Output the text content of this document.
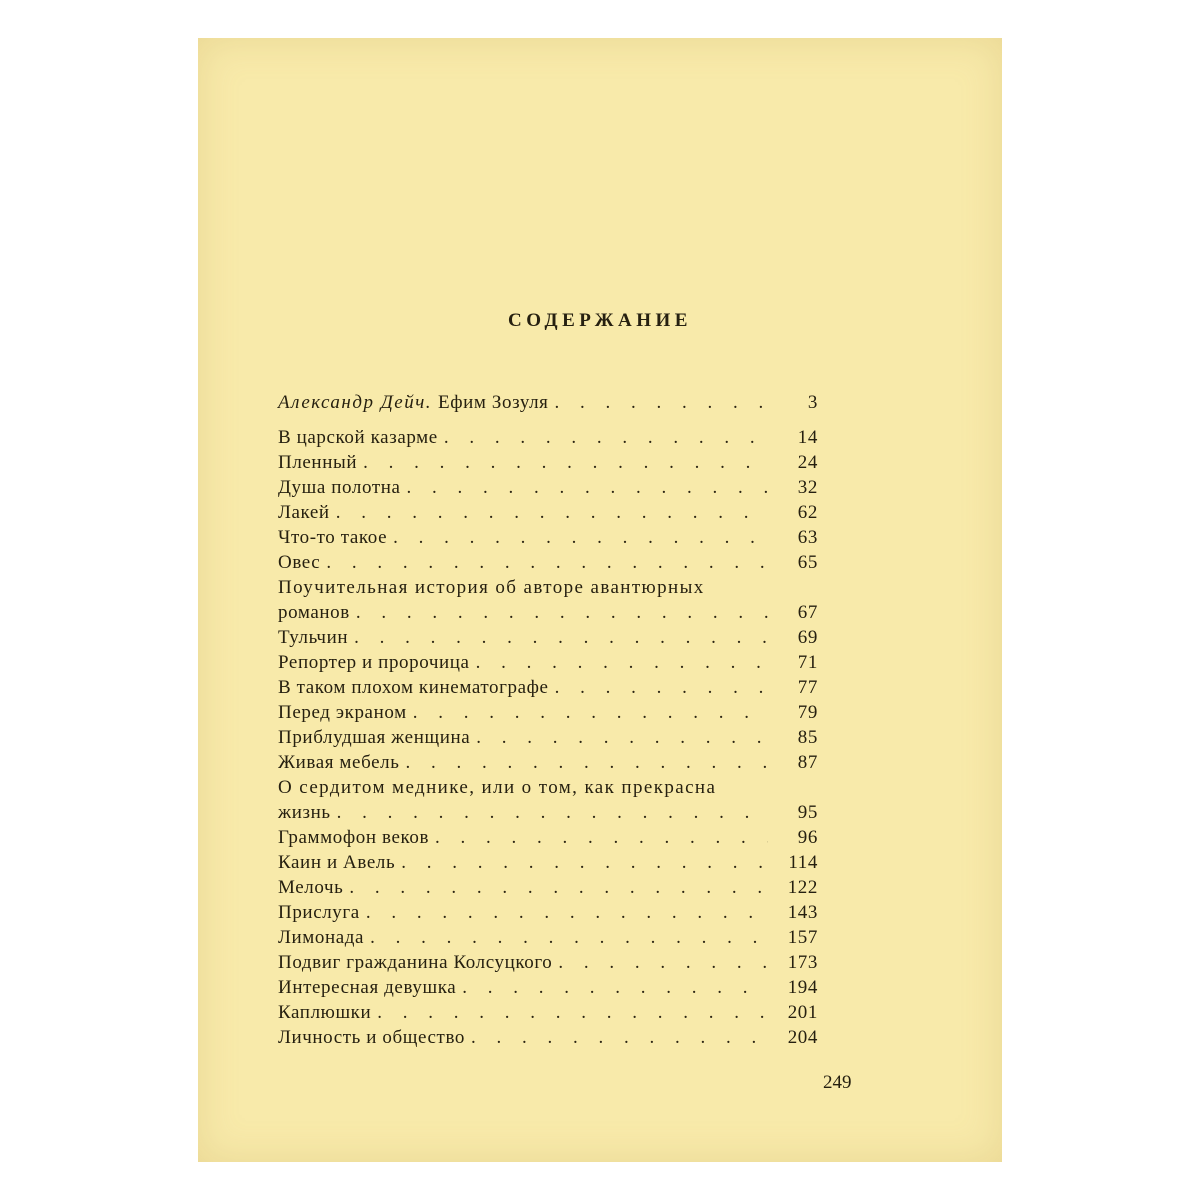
СОДЕРЖАНИЕ
Александр Дейч. Ефим Зозуля . . .	3
В царской казарме . . .	14
Пленный . . .	24
Душа полотна . . .	32
Лакей . . .	62
Что-то такое . . .	63
Овес . . .	65
Поучительная история об авторе авантюрных
романов . . .	67
Тульчин . . .	69
Репортер и пророчица . . .	71
В таком плохом кинематографе . . .	77
Перед экраном . . .	79
Приблудшая женщина . . .	85
Живая мебель . . .	87
О сердитом меднике, или о том, как прекрасна
жизнь . . .	95
Граммофон веков . . .	96
Каин и Авель . . .	114
Мелочь . . .	122
Прислуга . . .	143
Лимонада . . .	157
Подвиг гражданина Колсуцкого . . .	173
Интересная девушка . . .	194
Каплюшки . . .	201
Личность и общество . . .	204
249
